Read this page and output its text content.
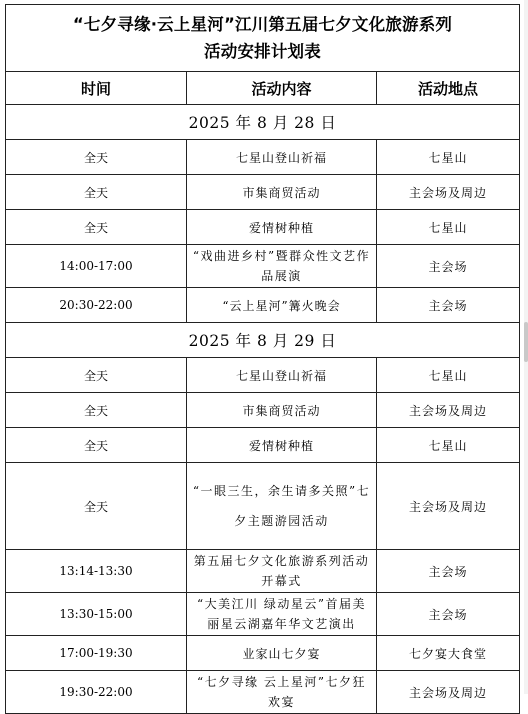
“七夕寻缘·云上星河”江川第五届七夕文化旅游系列
活动安排计划表		

时间	活动内容	活动地点
2025 年 8 月 28 日		
全天	七星山登山祈福	七星山
全天	市集商贸活动	主会场及周边
全天	爱情树种植	七星山
14:00-17:00	“戏曲进乡村”暨群众性文艺作品展演	主会场
20:30-22:00	“云上星河”篝火晚会	主会场
2025 年 8 月 29 日		
全天	七星山登山祈福	七星山
全天	市集商贸活动	主会场及周边
全天	爱情树种植	七星山
全天	“一眼三生，余生请多关照”七夕主题游园活动	主会场及周边
13:14-13:30	第五届七夕文化旅游系列活动开幕式	主会场
13:30-15:00	“大美江川 绿动星云”首届美丽星云湖嘉年华文艺演出	主会场
17:00-19:30	业家山七夕宴	七夕宴大食堂
19:30-22:00	“七夕寻缘 云上星河”七夕狂欢宴	主会场及周边
